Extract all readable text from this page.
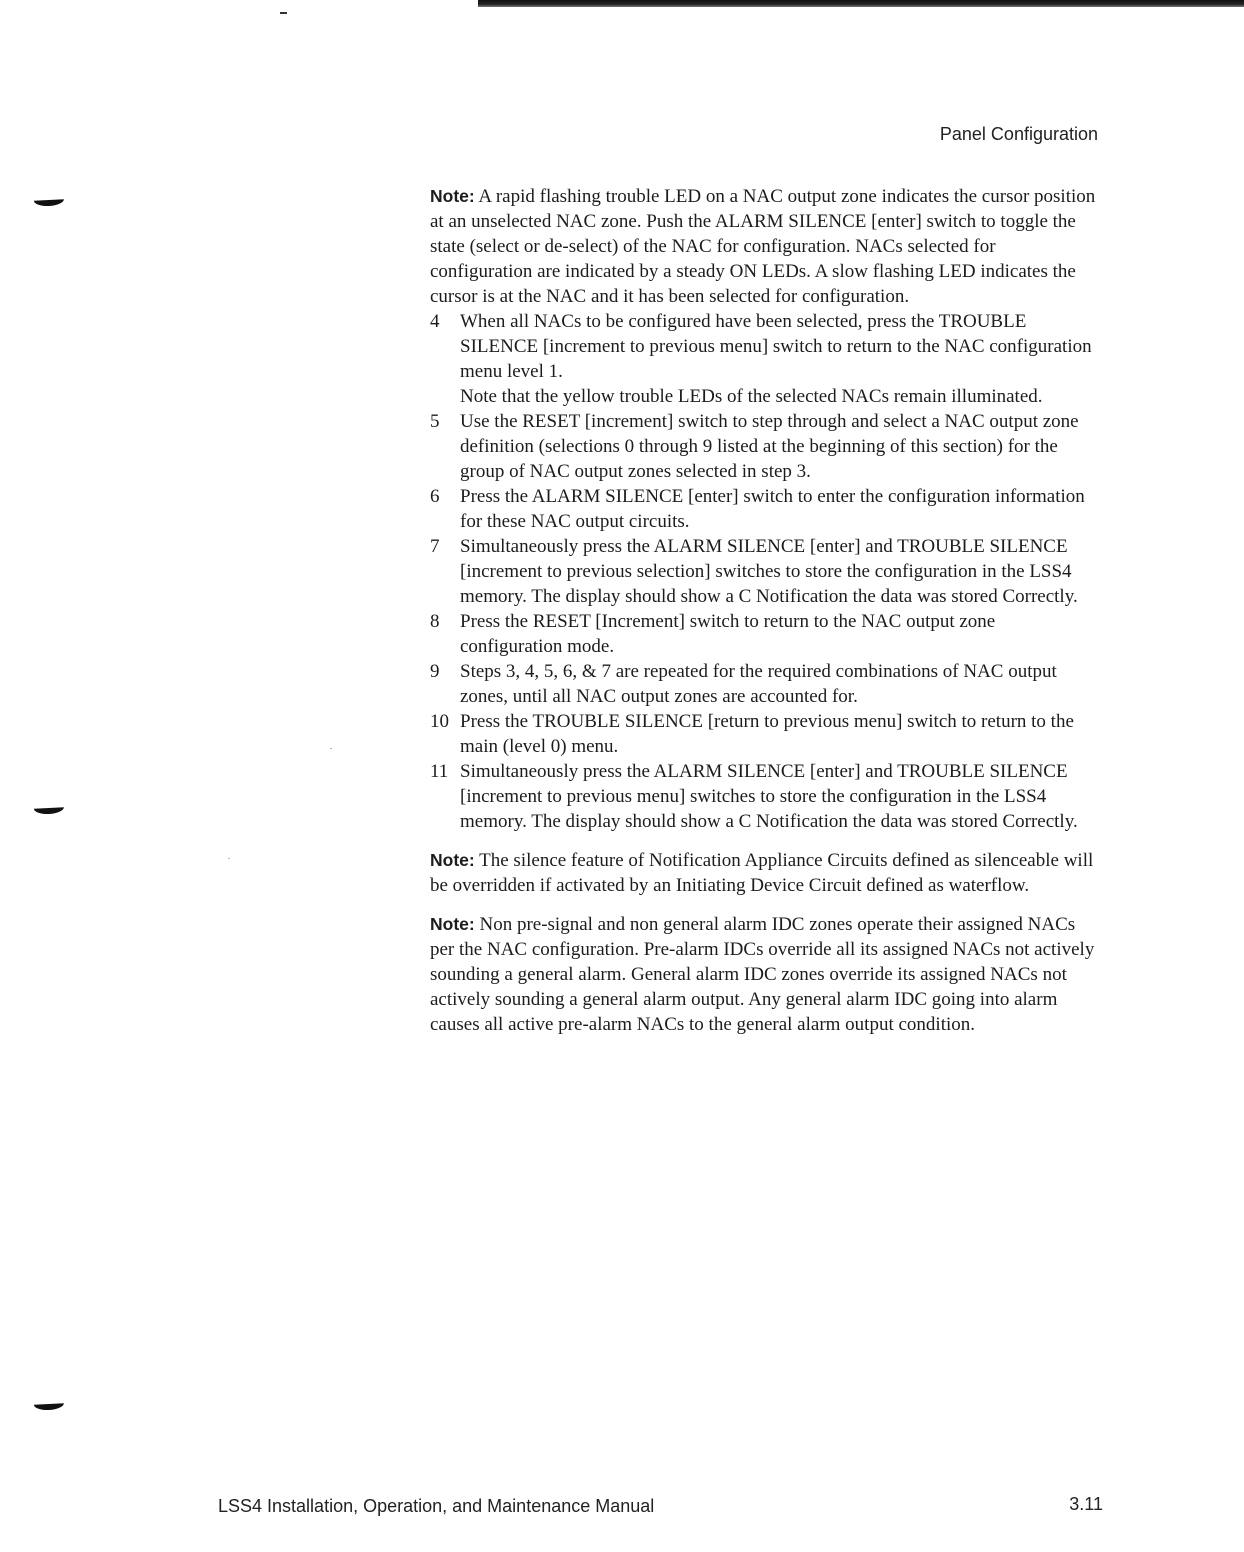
Panel Configuration

Note: A rapid flashing trouble LED on a NAC output zone indicates the cursor position at an unselected NAC zone. Push the ALARM SILENCE [enter] switch to toggle the state (select or de-select) of the NAC for configuration. NACs selected for configuration are indicated by a steady ON LEDs. A slow flashing LED indicates the cursor is at the NAC and it has been selected for configuration.

4 When all NACs to be configured have been selected, press the TROUBLE SILENCE [increment to previous menu] switch to return to the NAC configuration menu level 1.
Note that the yellow trouble LEDs of the selected NACs remain illuminated.
5 Use the RESET [increment] switch to step through and select a NAC output zone definition (selections 0 through 9 listed at the beginning of this section) for the group of NAC output zones selected in step 3.
6 Press the ALARM SILENCE [enter] switch to enter the configuration information for these NAC output circuits.
7 Simultaneously press the ALARM SILENCE [enter] and TROUBLE SILENCE [increment to previous selection] switches to store the configuration in the LSS4 memory. The display should show a C Notification the data was stored Correctly.
8 Press the RESET [Increment] switch to return to the NAC output zone configuration mode.
9 Steps 3, 4, 5, 6, & 7 are repeated for the required combinations of NAC output zones, until all NAC output zones are accounted for.
10 Press the TROUBLE SILENCE [return to previous menu] switch to return to the main (level 0) menu.
11 Simultaneously press the ALARM SILENCE [enter] and TROUBLE SILENCE [increment to previous menu] switches to store the configuration in the LSS4 memory. The display should show a C Notification the data was stored Correctly.

Note: The silence feature of Notification Appliance Circuits defined as silenceable will be overridden if activated by an Initiating Device Circuit defined as waterflow.

Note: Non pre-signal and non general alarm IDC zones operate their assigned NACs per the NAC configuration. Pre-alarm IDCs override all its assigned NACs not actively sounding a general alarm. General alarm IDC zones override its assigned NACs not actively sounding a general alarm output. Any general alarm IDC going into alarm causes all active pre-alarm NACs to the general alarm output condition.

LSS4 Installation, Operation, and Maintenance Manual	3.11
